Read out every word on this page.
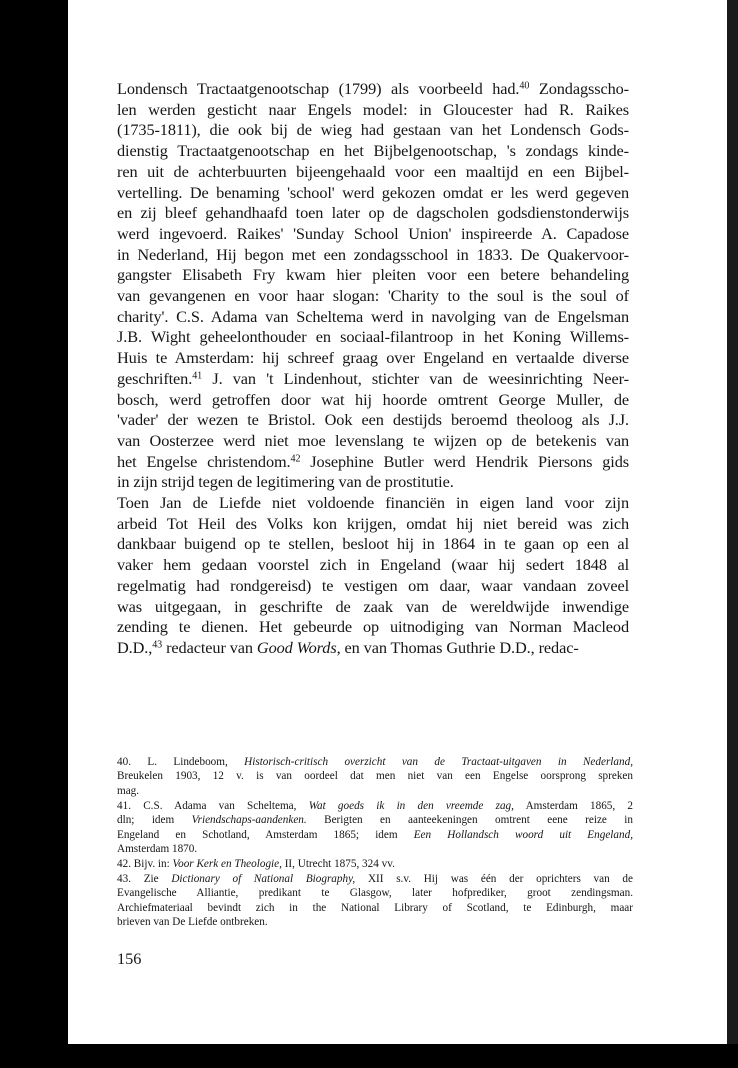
Londensch Tractaatgenootschap (1799) als voorbeeld had.$^{40}$ Zondagsscho-
len werden gesticht naar Engels model: in Gloucester had R. Raikes
(1735-1811), die ook bij de wieg had gestaan van het Londensch Gods-
dienstig Tractaatgenootschap en het Bijbelgenootschap, 's zondags kinde-
ren uit de achterbuurten bijeengehaald voor een maaltijd en een Bijbel-
vertelling. De benaming 'school' werd gekozen omdat er les werd gegeven
en zij bleef gehandhaafd toen later op de dagscholen godsdienstonderwijs
werd ingevoerd. Raikes' 'Sunday School Union' inspireerde A. Capadose
in Nederland, Hij begon met een zondagsschool in 1833. De Quakervoor-
gangster Elisabeth Fry kwam hier pleiten voor een betere behandeling
van gevangenen en voor haar slogan: 'Charity to the soul is the soul of
charity'. C.S. Adama van Scheltema werd in navolging van de Engelsman
J.B. Wight geheelonthouder en sociaal-filantroop in het Koning Willems-
Huis te Amsterdam: hij schreef graag over Engeland en vertaalde diverse
geschriften.$^{41}$ J. van 't Lindenhout, stichter van de weesinrichting Neer-
bosch, werd getroffen door wat hij hoorde omtrent George Muller, de
'vader' der wezen te Bristol. Ook een destijds beroemd theoloog als J.J.
van Oosterzee werd niet moe levenslang te wijzen op de betekenis van
het Engelse christendom.$^{42}$ Josephine Butler werd Hendrik Piersons gids
in zijn strijd tegen de legitimering van de prostitutie.

Toen Jan de Liefde niet voldoende financiën in eigen land voor zijn
arbeid Tot Heil des Volks kon krijgen, omdat hij niet bereid was zich
dankbaar buigend op te stellen, besloot hij in 1864 in te gaan op een al
vaker hem gedaan voorstel zich in Engeland (waar hij sedert 1848 al
regelmatig had rondgereisd) te vestigen om daar, waar vandaan zoveel
was uitgegaan, in geschrifte de zaak van de wereldwijde inwendige
zending te dienen. Het gebeurde op uitnodiging van Norman Macleod
D.D.,$^{43}$ redacteur van Good Words, en van Thomas Guthrie D.D., redac-

40. L. Lindeboom, Historisch-critisch overzicht van de Tractaat-uitgaven in Nederland,
Breukelen 1903, 12 v. is van oordeel dat men niet van een Engelse oorsprong spreken
mag.
41. C.S. Adama van Scheltema, Wat goeds ik in den vreemde zag, Amsterdam 1865, 2
dln; idem Vriendschaps-aandenken. Berigten en aanteekeningen omtrent eene reize in
Engeland en Schotland, Amsterdam 1865; idem Een Hollandsch woord uit Engeland,
Amsterdam 1870.
42. Bijv. in: Voor Kerk en Theologie, II, Utrecht 1875, 324 vv.
43. Zie Dictionary of National Biography, XII s.v. Hij was één der oprichters van de
Evangelische Alliantie, predikant te Glasgow, later hofprediker, groot zendingsman.
Archiefmateriaal bevindt zich in the National Library of Scotland, te Edinburgh, maar
brieven van De Liefde ontbreken.
156
